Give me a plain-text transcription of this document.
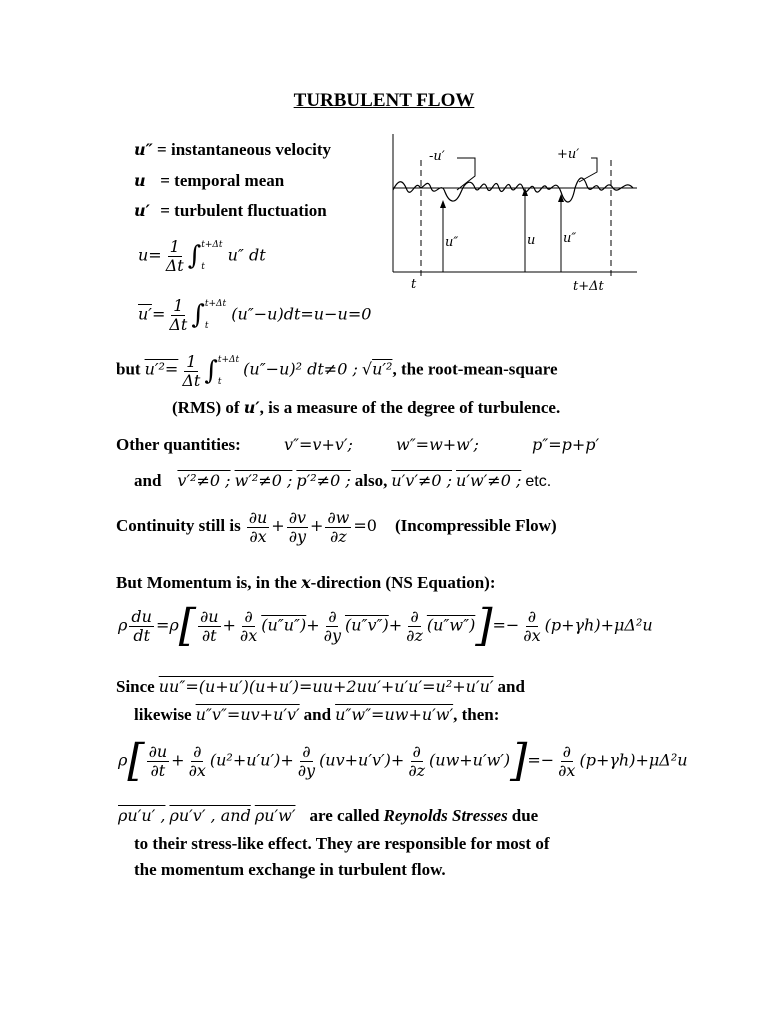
TURBULENT FLOW
u″ = instantaneous velocity
u = temporal mean
u′ = turbulent fluctuation
-u′	+u′
u″	u u″
t	t+Δt
$u= \frac{1}{\Delta t}$ ∫ t+Δt
t
u″ dt
$u'= \frac{1}{\Delta t}$ ∫ t+Δt
t
(u″−u)dt=u−u=0
but $u'^2= \frac{1}{\Delta t}$ ∫ t+Δt
t
(u″−u)² dt≠0 ; √u′², the root-mean-square
(RMS) of u′, is a measure of the degree of turbulence.
Other quantities:	v″=v+v′;	w″=w+w′;	p″=p+p′
and v′²≠0 ; w′²≠0 ; p′²≠0 ; also, u′v′≠0 ; u′w′≠0 ; etc.
Continuity still is $\frac{\partial u}{\partial x} + \frac{\partial v}{\partial y} + \frac{\partial w}{\partial z} =0$ (Incompressible Flow)
But Momentum is, in the x-direction (NS Equation):
ρ $\frac{du}{dt} =\rho[ \frac{\partial u}{\partial t} + \frac{\partial}{\partial x} (u''u'')+ \frac{\partial}{\partial y} (u''v'')+ \frac{\partial}{\partial z} (u''w'')]=- \frac{\partial}{\partial x} (p+\gamma h)+\mu\Delta^2u$
Since uu″=(u+u′)(u+u′)=uu+2uu′+u′u′=u²+u′u′ and
likewise u″v″=uv+u′v′ and u″w″=uw+u′w′, then:
$\rho[ \frac{\partial u}{\partial t} + \frac{\partial}{\partial x} (u^2+u'u')+ \frac{\partial}{\partial y} (uv+u'v')+ \frac{\partial}{\partial z} (uw+u'w')]=- \frac{\partial}{\partial x} (p+\gamma h)+\mu\Delta^2u$
ρu′u′ , ρu′v′ , and ρu′w′ are called Reynolds Stresses due
to their stress-like effect. They are responsible for most of
the momentum exchange in turbulent flow.
